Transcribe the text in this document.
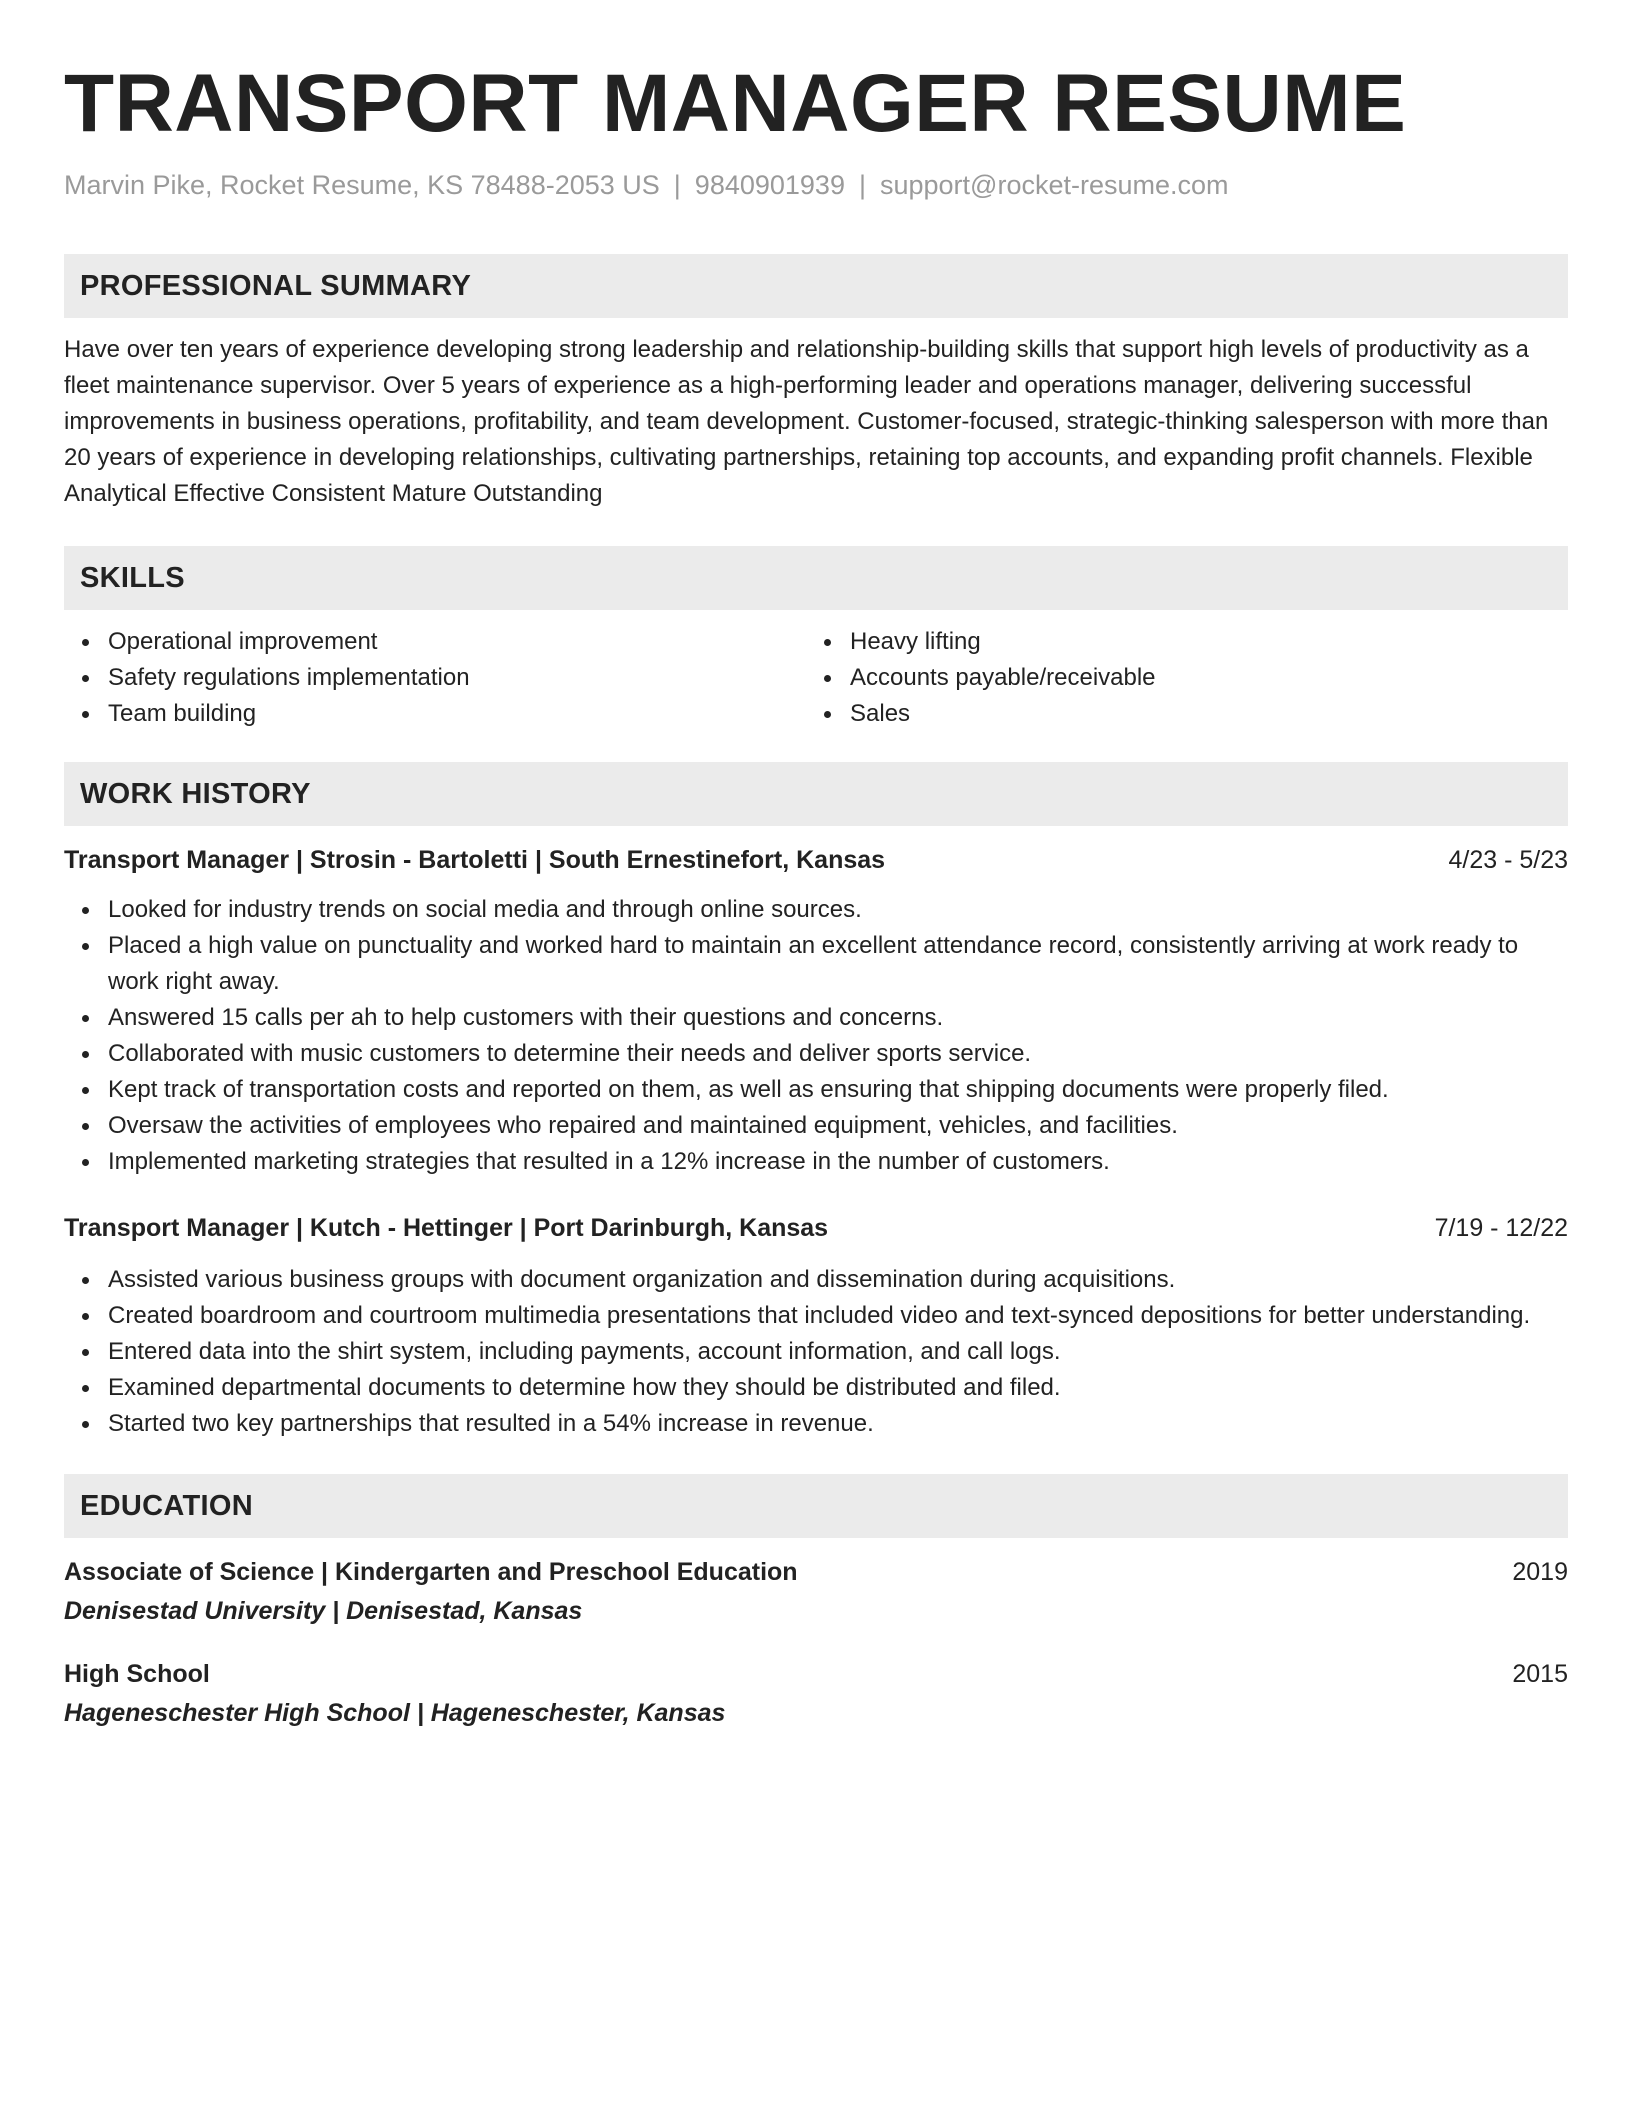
TRANSPORT MANAGER RESUME
Marvin Pike, Rocket Resume, KS 78488-2053 US | 9840901939 | support@rocket-resume.com
PROFESSIONAL SUMMARY
Have over ten years of experience developing strong leadership and relationship-building skills that support high levels of productivity as a fleet maintenance supervisor. Over 5 years of experience as a high-performing leader and operations manager, delivering successful improvements in business operations, profitability, and team development. Customer-focused, strategic-thinking salesperson with more than 20 years of experience in developing relationships, cultivating partnerships, retaining top accounts, and expanding profit channels. Flexible Analytical Effective Consistent Mature Outstanding
SKILLS
Operational improvement
Safety regulations implementation
Team building
Heavy lifting
Accounts payable/receivable
Sales
WORK HISTORY
Transport Manager | Strosin - Bartoletti | South Ernestinefort, Kansas	4/23 - 5/23
Looked for industry trends on social media and through online sources.
Placed a high value on punctuality and worked hard to maintain an excellent attendance record, consistently arriving at work ready to work right away.
Answered 15 calls per ah to help customers with their questions and concerns.
Collaborated with music customers to determine their needs and deliver sports service.
Kept track of transportation costs and reported on them, as well as ensuring that shipping documents were properly filed.
Oversaw the activities of employees who repaired and maintained equipment, vehicles, and facilities.
Implemented marketing strategies that resulted in a 12% increase in the number of customers.
Transport Manager | Kutch - Hettinger | Port Darinburgh, Kansas	7/19 - 12/22
Assisted various business groups with document organization and dissemination during acquisitions.
Created boardroom and courtroom multimedia presentations that included video and text-synced depositions for better understanding.
Entered data into the shirt system, including payments, account information, and call logs.
Examined departmental documents to determine how they should be distributed and filed.
Started two key partnerships that resulted in a 54% increase in revenue.
EDUCATION
Associate of Science | Kindergarten and Preschool Education	2019
Denisestad University | Denisestad, Kansas
High School	2015
Hageneschester High School | Hageneschester, Kansas
